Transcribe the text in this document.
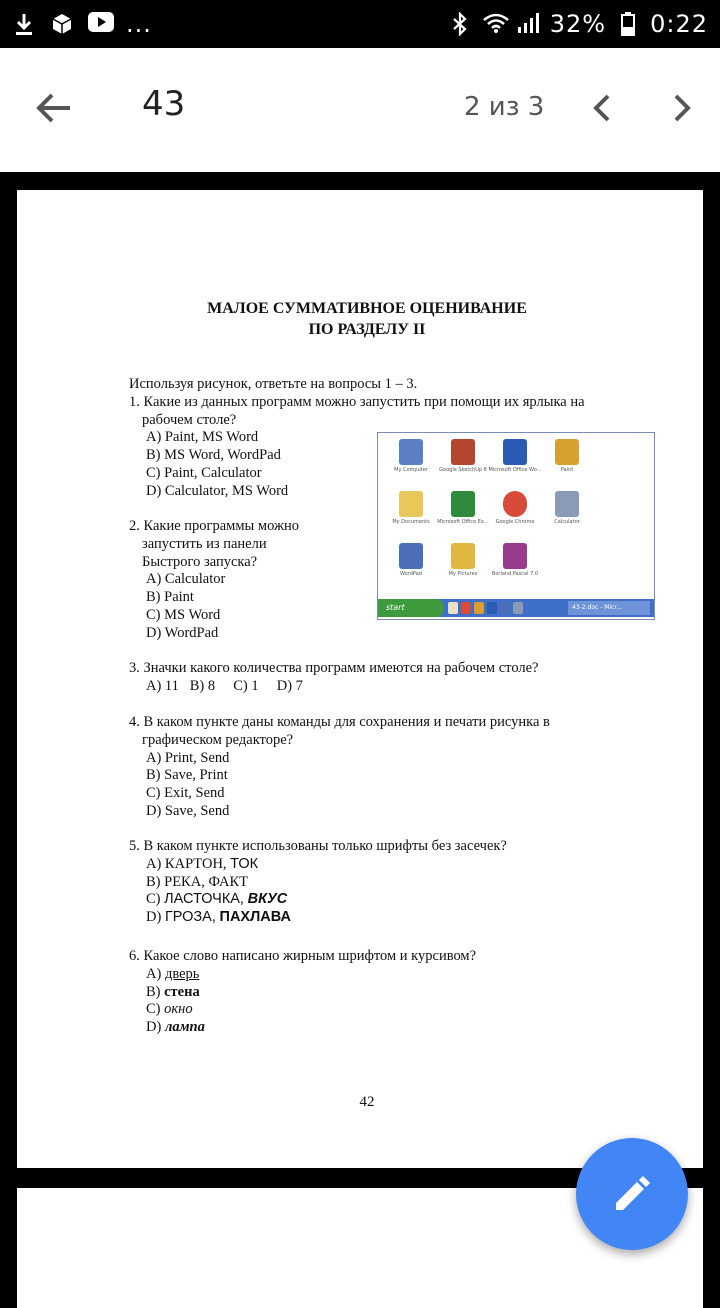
...	32% 0:22
43	2 из 3
МАЛОЕ СУММАТИВНОЕ ОЦЕНИВАНИЕ
ПО РАЗДЕЛУ II
Используя рисунок, ответьте на вопросы 1 – 3.
1. Какие из данных программ можно запустить при помощи их ярлыка на
рабочем столе?
A) Paint, MS Word
B) MS Word, WordPad
C) Paint, Calculator
D) Calculator, MS Word
2. Какие программы можно
запустить из панели
Быстрого запуска?
A) Calculator
B) Paint
C) MS Word
D) WordPad
My Computer	Google SketchUp 8 Microsoft Office Wo...	Paint
My Documents	Microsoft Office Ex...	Google Chrome	Calculator
WordPad	My Pictures	Borland Pascal 7.0
start	43-2.doc - Micr...
3. Значки какого количества программ имеются на рабочем столе?
A) 11   B) 8     C) 1     D) 7
4. В каком пункте даны команды для сохранения и печати рисунка в
графическом редакторе?
A) Print, Send
B) Save, Print
C) Exit, Send
D) Save, Send
5. В каком пункте использованы только шрифты без засечек?
A) КАРТОН, ТОК
B) РЕКА, ФАКТ
C) ЛАСТОЧКА, ВКУС
D) ГРОЗА, ПАХЛАВА
6. Какое слово написано жирным шрифтом и курсивом?
A) дверь
B) стена
C) окно
D) лампа
42
